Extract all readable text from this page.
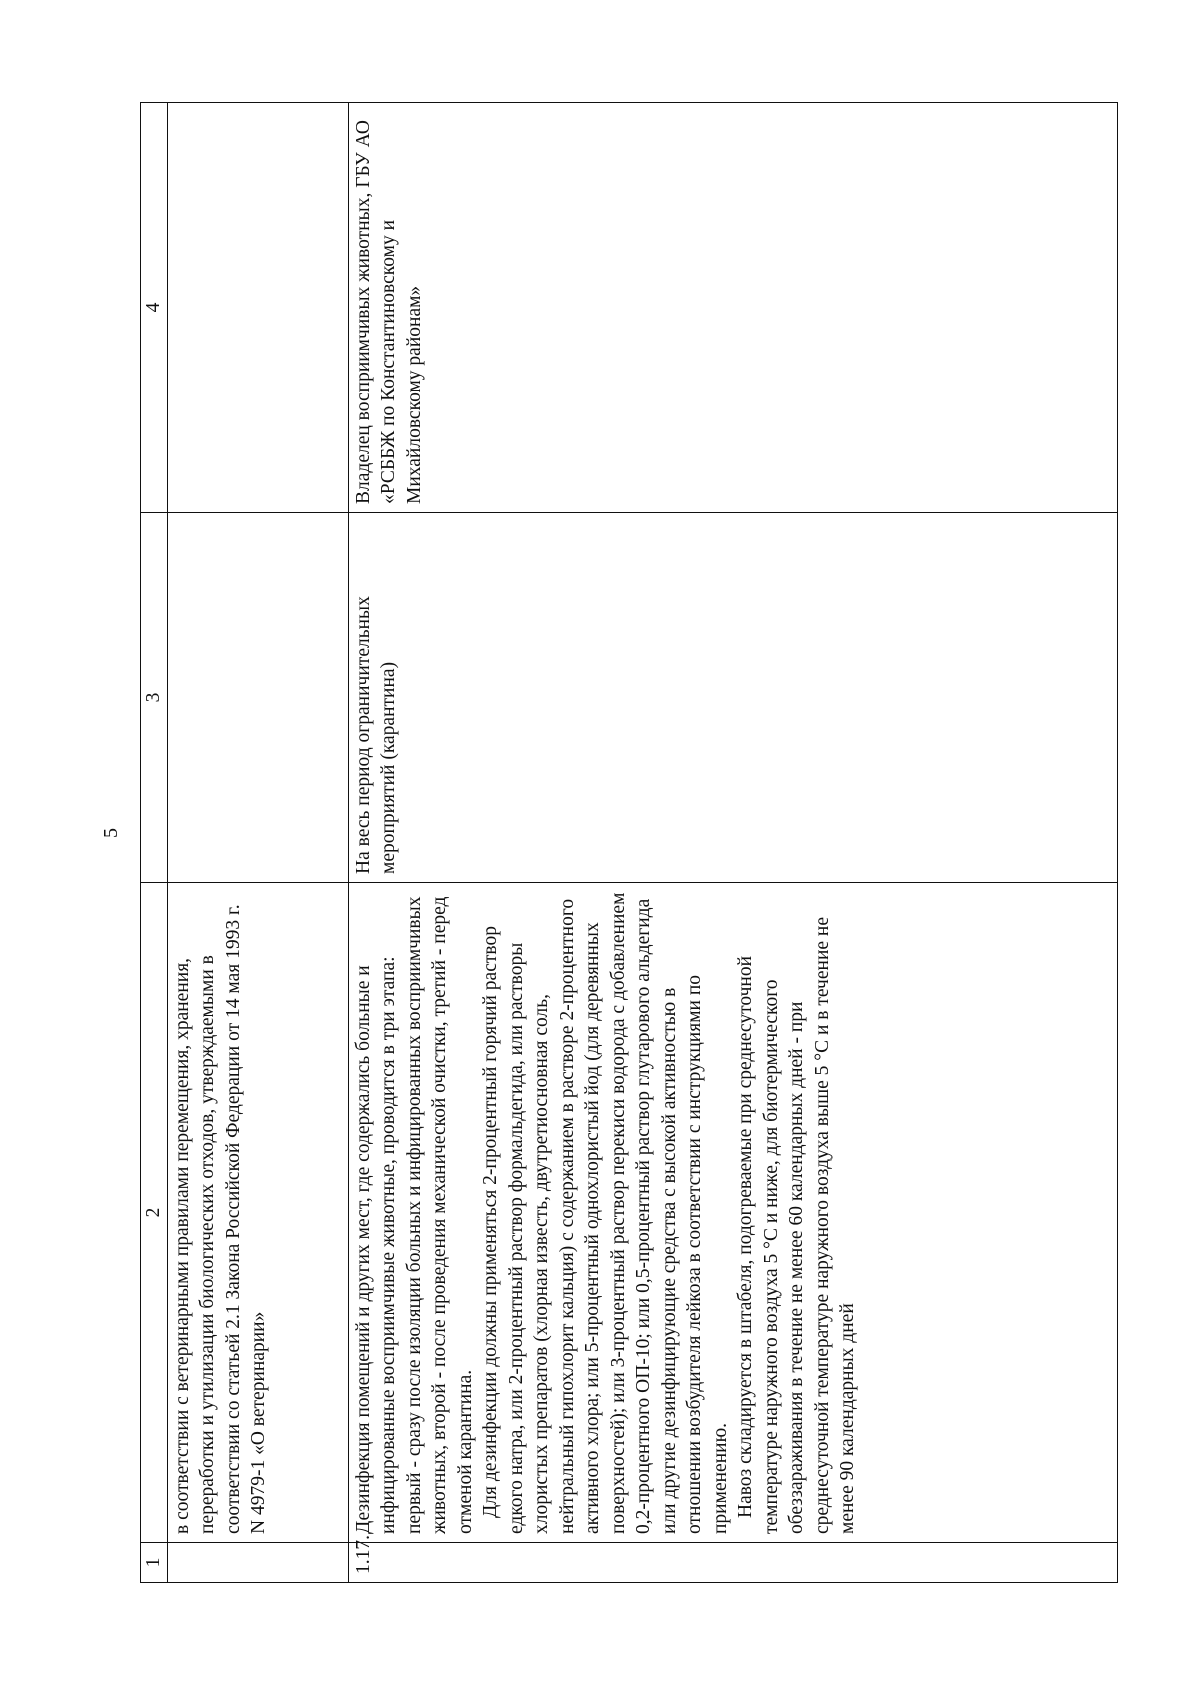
5
1	2	3	4
	в соответствии с ветеринарными правилами перемещения, хранения, переработки и утилизации биологических отходов, утверждаемыми в соответствии со статьей 2.1 Закона Российской Федерации от 14 мая 1993 г. N 4979-1 «О ветеринарии»		
1.17.	Дезинфекция помещений и других мест, где содержались больные и инфицированные восприимчивые животные, проводится в три этапа: первый - сразу после изоляции больных и инфицированных восприимчивых животных, второй - после проведения механической очистки, третий - перед отменой карантина. Для дезинфекции должны применяться 2-процентный горячий раствор едкого натра, или 2-процентный раствор формальдегида, или растворы хлористых препаратов (хлорная известь, двутретиосновная соль, нейтральный гипохлорит кальция) с содержанием в растворе 2-процентного активного хлора; или 5-процентный однохлористый йод (для деревянных поверхностей); или 3-процентный раствор перекиси водорода с добавлением 0,2-процентного ОП-10; или 0,5-процентный раствор глутарового альдегида или другие дезинфицирующие средства с высокой активностью в отношении возбудителя лейкоза в соответствии с инструкциями по применению. Навоз складируется в штабеля, подогреваемые при среднесуточной температуре наружного воздуха 5 °С и ниже, для биотермического обеззараживания в течение не менее 60 календарных дней - при среднесуточной температуре наружного воздуха выше 5 °С и в течение не менее 90 календарных дней	На весь период ограничительных мероприятий (карантина)	Владелец восприимчивых животных, ГБУ АО «РСББЖ по Константиновскому и Михайловскому районам»
